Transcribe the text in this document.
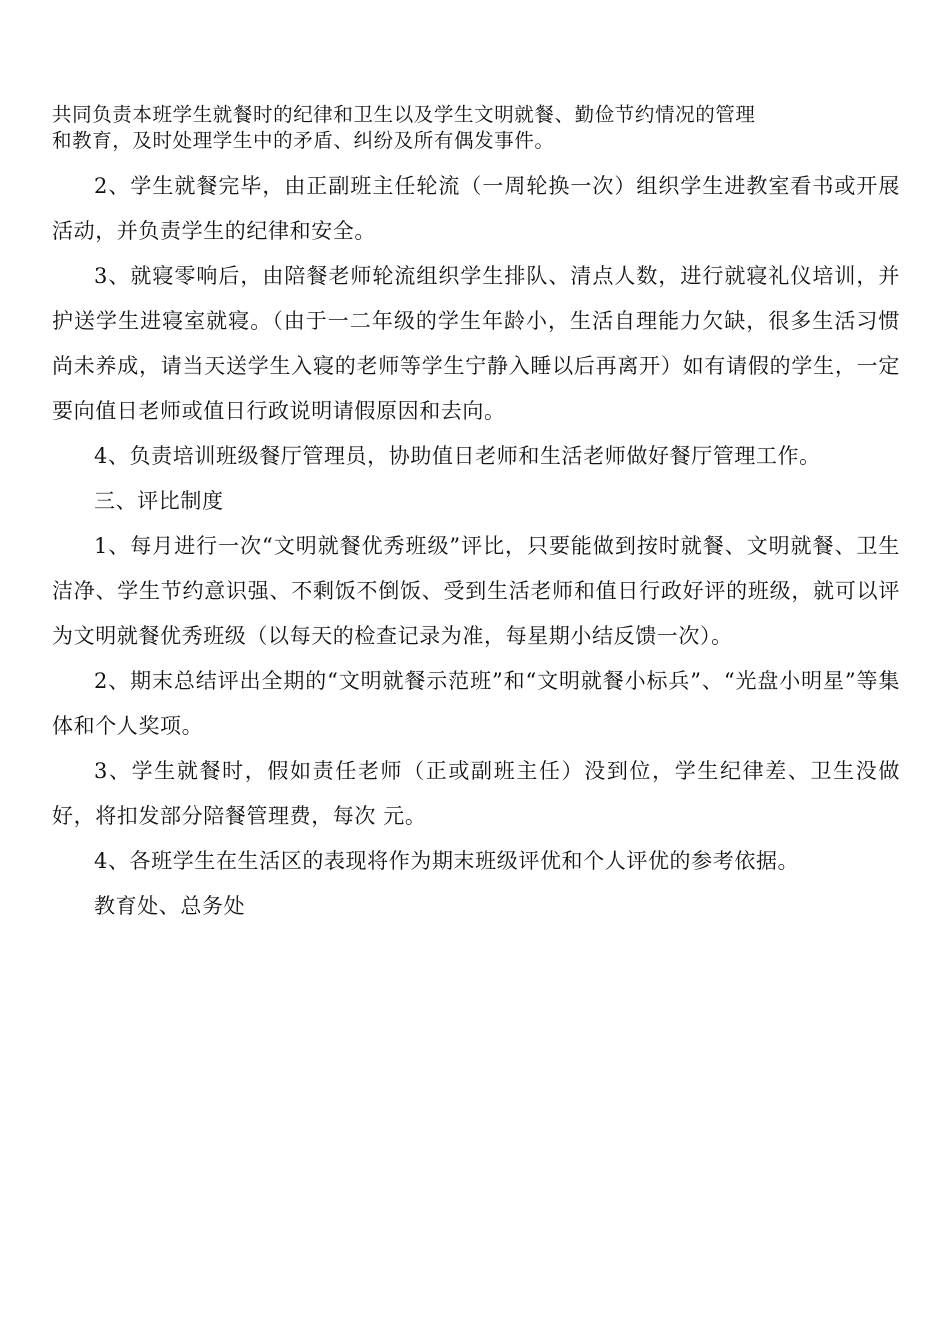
共同负责本班学生就餐时的纪律和卫生以及学生文明就餐、勤俭节约情况的管理
和教育，及时处理学生中的矛盾、纠纷及所有偶发事件。

2、学生就餐完毕，由正副班主任轮流（一周轮换一次）组织学生进教室看书或开展活动，并负责学生的纪律和安全。

3、就寝零响后，由陪餐老师轮流组织学生排队、清点人数，进行就寝礼仪培训，并护送学生进寝室就寝。（由于一二年级的学生年龄小，生活自理能力欠缺，很多生活习惯尚未养成，请当天送学生入寝的老师等学生宁静入睡以后再离开）如有请假的学生，一定要向值日老师或值日行政说明请假原因和去向。

4、负责培训班级餐厅管理员，协助值日老师和生活老师做好餐厅管理工作。

三、评比制度

1、每月进行一次“文明就餐优秀班级”评比，只要能做到按时就餐、文明就餐、卫生洁净、学生节约意识强、不剩饭不倒饭、受到生活老师和值日行政好评的班级，就可以评为文明就餐优秀班级（以每天的检查记录为准，每星期小结反馈一次）。

2、期末总结评出全期的“文明就餐示范班”和“文明就餐小标兵”、“光盘小明星”等集体和个人奖项。

3、学生就餐时，假如责任老师（正或副班主任）没到位，学生纪律差、卫生没做好，将扣发部分陪餐管理费，每次 元。

4、各班学生在生活区的表现将作为期末班级评优和个人评优的参考依据。

教育处、总务处
